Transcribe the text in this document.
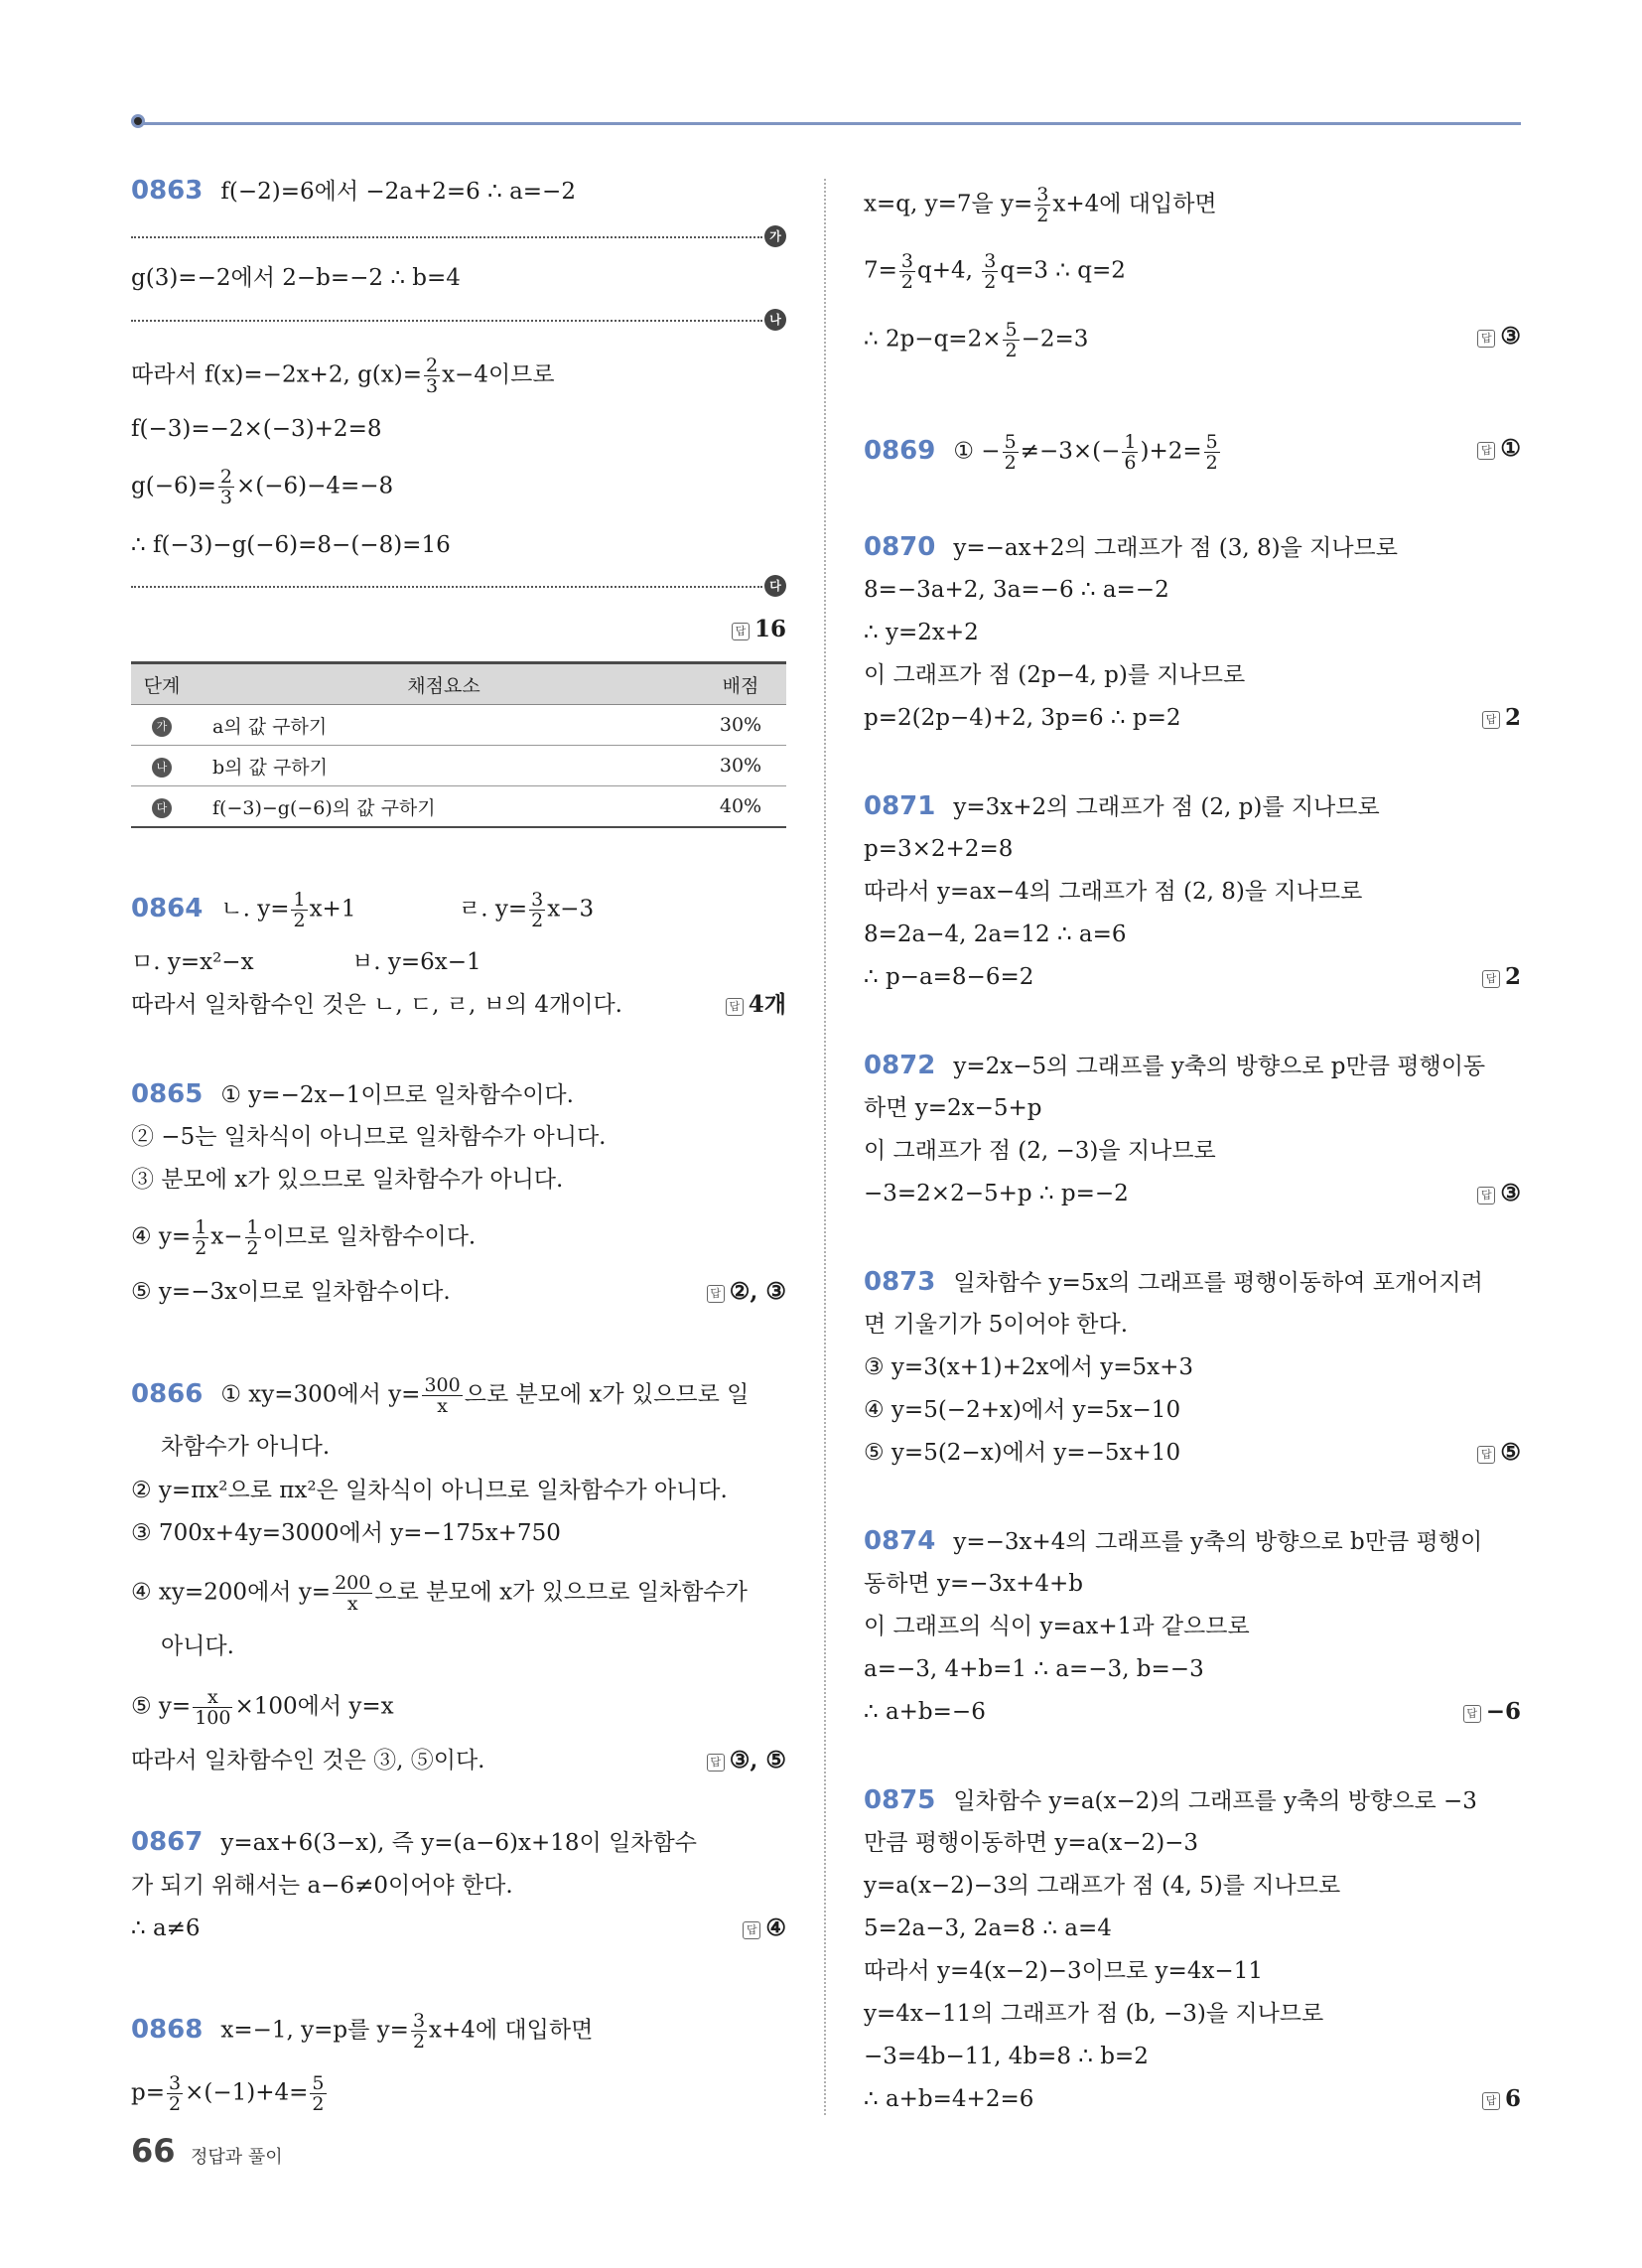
0863 f(−2)=6에서 −2a+2=6 ∴ a=−2
가
g(3)=−2에서 2−b=−2 ∴ b=4
나
따라서 f(x)=−2x+2, $g(x)= \frac{2}{3} x-4$이므로
f(−3)=−2×(−3)+2=8
$g(-6)= \frac{2}{3} \times(-6)-4=-8$
∴ f(−3)−g(−6)=8−(−8)=16
다
답 16
단계	채점요소	배점
가	a의 값 구하기	30%
나	b의 값 구하기	30%
다	f(−3)−g(−6)의 값 구하기	40%
0864 ㄴ. $y= \frac{1}{2} x+1$	ㄹ. $y= \frac{3}{2} x-3$
ㅁ. y=x²−x	ㅂ. y=6x−1
따라서 일차함수인 것은 ㄴ, ㄷ, ㄹ, ㅂ의 4개이다.	답 4개
0865 ① y=−2x−1이므로 일차함수이다.
② −5는 일차식이 아니므로 일차함수가 아니다.
③ 분모에 x가 있으므로 일차함수가 아니다.
④ $y= \frac{1}{2} x- \frac{1}{2}$ 이므로 일차함수이다.
⑤ y=−3x이므로 일차함수이다.	답 ②, ③
0866 ① xy=300에서 $y= \frac{300}{x}$ 으로 분모에 x가 있으므로 일
차함수가 아니다.
② y=πx²으로 πx²은 일차식이 아니므로 일차함수가 아니다.
③ 700x+4y=3000에서 y=−175x+750
④ xy=200에서 $y= \frac{200}{x}$ 으로 분모에 x가 있으므로 일차함수가
아니다.
⑤ $y= \frac{x}{100} \times 100$에서 y=x
따라서 일차함수인 것은 ③, ⑤이다.	답 ③, ⑤
0867 y=ax+6(3−x), 즉 y=(a−6)x+18이 일차함수
가 되기 위해서는 a−6≠0이어야 한다.
∴ a≠6	답 ④
0868 x=−1, y=p를 $y= \frac{3}{2} x+4$에 대입하면
$p= \frac{3}{2} \times(-1)+4= \frac{5}{2}$
x=q, y=7을 $y= \frac{3}{2} x+4$에 대입하면
$7= \frac{3}{2} q+4$, $\frac{3}{2} q=3$ ∴ q=2
∴ $2p-q=2\times \frac{5}{2} -2=3$	답 ③
0869 ① − $\frac{5}{2} \ne-3\times(- \frac{1}{6} )+2= \frac{5}{2}$	답 ①
0870 y=−ax+2의 그래프가 점 (3, 8)을 지나므로
8=−3a+2, 3a=−6 ∴ a=−2
∴ y=2x+2
이 그래프가 점 (2p−4, p)를 지나므로
p=2(2p−4)+2, 3p=6 ∴ p=2	답 2
0871 y=3x+2의 그래프가 점 (2, p)를 지나므로
p=3×2+2=8
따라서 y=ax−4의 그래프가 점 (2, 8)을 지나므로
8=2a−4, 2a=12 ∴ a=6
∴ p−a=8−6=2	답 2
0872 y=2x−5의 그래프를 y축의 방향으로 p만큼 평행이동
하면 y=2x−5+p
이 그래프가 점 (2, −3)을 지나므로
−3=2×2−5+p ∴ p=−2	답 ③
0873 일차함수 y=5x의 그래프를 평행이동하여 포개어지려
면 기울기가 5이어야 한다.
③ y=3(x+1)+2x에서 y=5x+3
④ y=5(−2+x)에서 y=5x−10
⑤ y=5(2−x)에서 y=−5x+10	답 ⑤
0874 y=−3x+4의 그래프를 y축의 방향으로 b만큼 평행이
동하면 y=−3x+4+b
이 그래프의 식이 y=ax+1과 같으므로
a=−3, 4+b=1 ∴ a=−3, b=−3
∴ a+b=−6	답 −6
0875 일차함수 y=a(x−2)의 그래프를 y축의 방향으로 −3
만큼 평행이동하면 y=a(x−2)−3
y=a(x−2)−3의 그래프가 점 (4, 5)를 지나므로
5=2a−3, 2a=8 ∴ a=4
따라서 y=4(x−2)−3이므로 y=4x−11
y=4x−11의 그래프가 점 (b, −3)을 지나므로
−3=4b−11, 4b=8 ∴ b=2
∴ a+b=4+2=6	답 6
66 정답과 풀이
